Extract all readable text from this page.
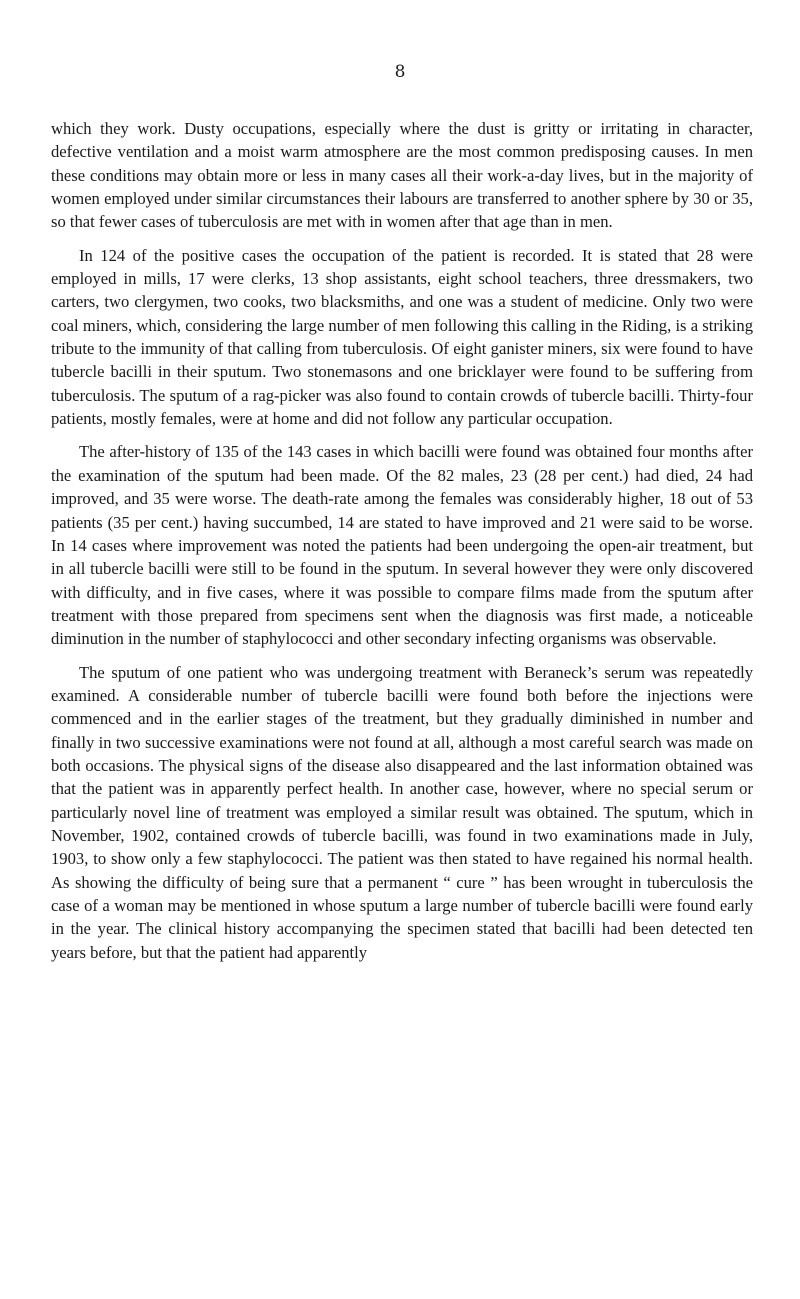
8

which they work. Dusty occupations, especially where the dust is gritty or irritating in character, defective ventilation and a moist warm atmosphere are the most common predisposing causes. In men these conditions may obtain more or less in many cases all their work-a-day lives, but in the majority of women employed under similar circumstances their labours are transferred to another sphere by 30 or 35, so that fewer cases of tuberculosis are met with in women after that age than in men.

In 124 of the positive cases the occupation of the patient is recorded. It is stated that 28 were employed in mills, 17 were clerks, 13 shop assistants, eight school teachers, three dressmakers, two carters, two clergymen, two cooks, two blacksmiths, and one was a student of medicine. Only two were coal miners, which, considering the large number of men following this calling in the Riding, is a striking tribute to the immunity of that calling from tuberculosis. Of eight ganister miners, six were found to have tubercle bacilli in their sputum. Two stonemasons and one bricklayer were found to be suffering from tuberculosis. The sputum of a rag-picker was also found to contain crowds of tubercle bacilli. Thirty-four patients, mostly females, were at home and did not follow any particular occupation.

The after-history of 135 of the 143 cases in which bacilli were found was obtained four months after the examination of the sputum had been made. Of the 82 males, 23 (28 per cent.) had died, 24 had improved, and 35 were worse. The death-rate among the females was considerably higher, 18 out of 53 patients (35 per cent.) having succumbed, 14 are stated to have improved and 21 were said to be worse. In 14 cases where improvement was noted the patients had been undergoing the open-air treatment, but in all tubercle bacilli were still to be found in the sputum. In several however they were only discovered with difficulty, and in five cases, where it was possible to compare films made from the sputum after treatment with those prepared from specimens sent when the diagnosis was first made, a noticeable diminution in the number of staphylococci and other secondary infecting organisms was observable.

The sputum of one patient who was undergoing treatment with Beraneck’s serum was repeatedly examined. A considerable number of tubercle bacilli were found both before the injections were commenced and in the earlier stages of the treatment, but they gradually diminished in number and finally in two successive examinations were not found at all, although a most careful search was made on both occasions. The physical signs of the disease also disappeared and the last information obtained was that the patient was in apparently perfect health. In another case, however, where no special serum or particularly novel line of treatment was employed a similar result was obtained. The sputum, which in November, 1902, contained crowds of tubercle bacilli, was found in two examinations made in July, 1903, to show only a few staphylococci. The patient was then stated to have regained his normal health. As showing the difficulty of being sure that a permanent “ cure ” has been wrought in tuberculosis the case of a woman may be mentioned in whose sputum a large number of tubercle bacilli were found early in the year. The clinical history accompanying the specimen stated that bacilli had been detected ten years before, but that the patient had apparently
